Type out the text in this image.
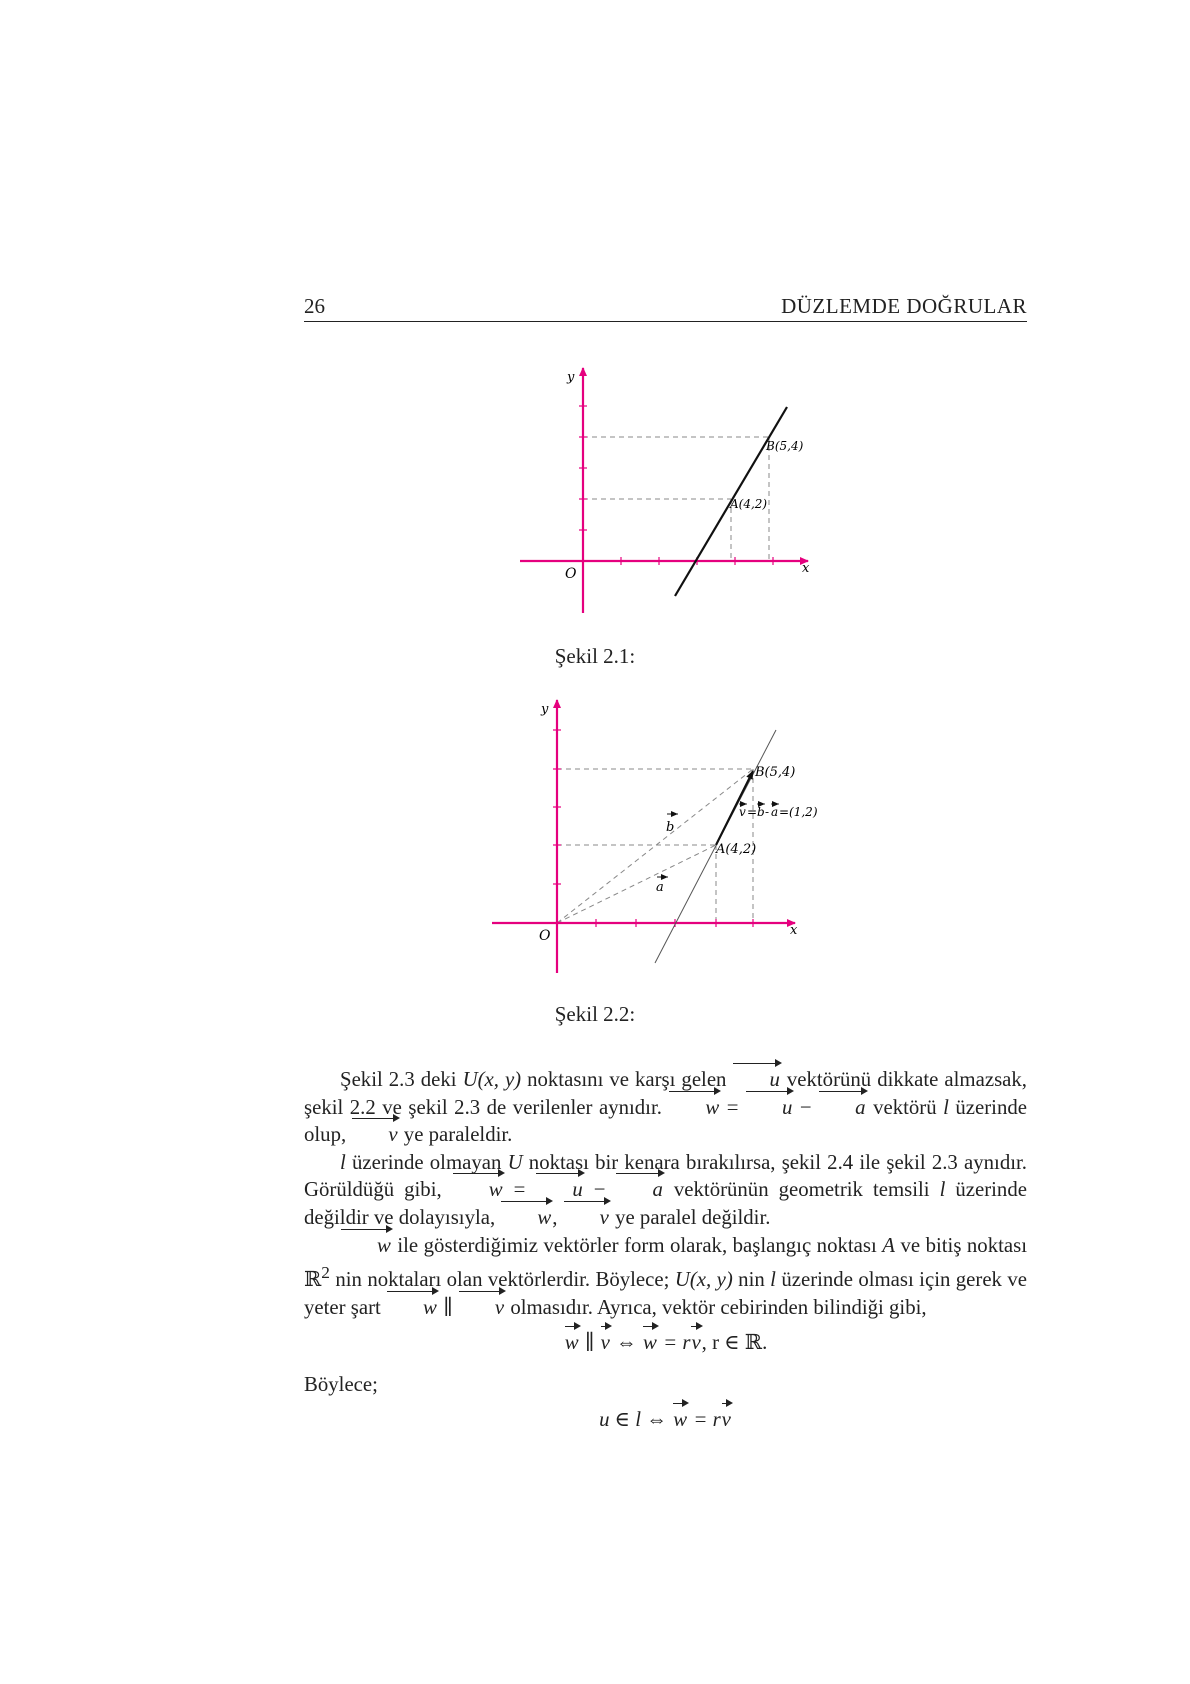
26	DÜZLEMDE DOĞRULAR
y
x
O
B(5,4)
A(4,2)
Şekil 2.1:
b
a
v = b - a =(1,2)
y
x
O
B(5,4)
A(4,2)
Şekil 2.2:

Şekil 2.3 deki U(x, y) noktasını ve karşı gelen u vektörünü dikkate almazsak, şekil 2.2 ve şekil 2.3 de verilenler aynıdır. w = u − a vektörü l üzerinde olup, v ye paraleldir.

l üzerinde olmayan U noktası bir kenara bırakılırsa, şekil 2.4 ile şekil 2.3 aynıdır. Görüldüğü gibi, w = u − a vektörünün geometrik temsili l üzerinde değildir ve dolayısıyla, w, v ye paralel değildir.

w ile gösterdiğimiz vektörler form olarak, başlangıç noktası A ve bitiş noktası ℝ$^2$ nin noktaları olan vektörlerdir. Böylece; U(x, y) nin l üzerinde olması için gerek ve yeter şart w ∥ v olmasıdır. Ayrıca, vektör cebirinden bilindiği gibi,

w ∥ v ⇔ w = rv, r ∈ ℝ.

Böylece;

u ∈ l ⇔ w = rv
